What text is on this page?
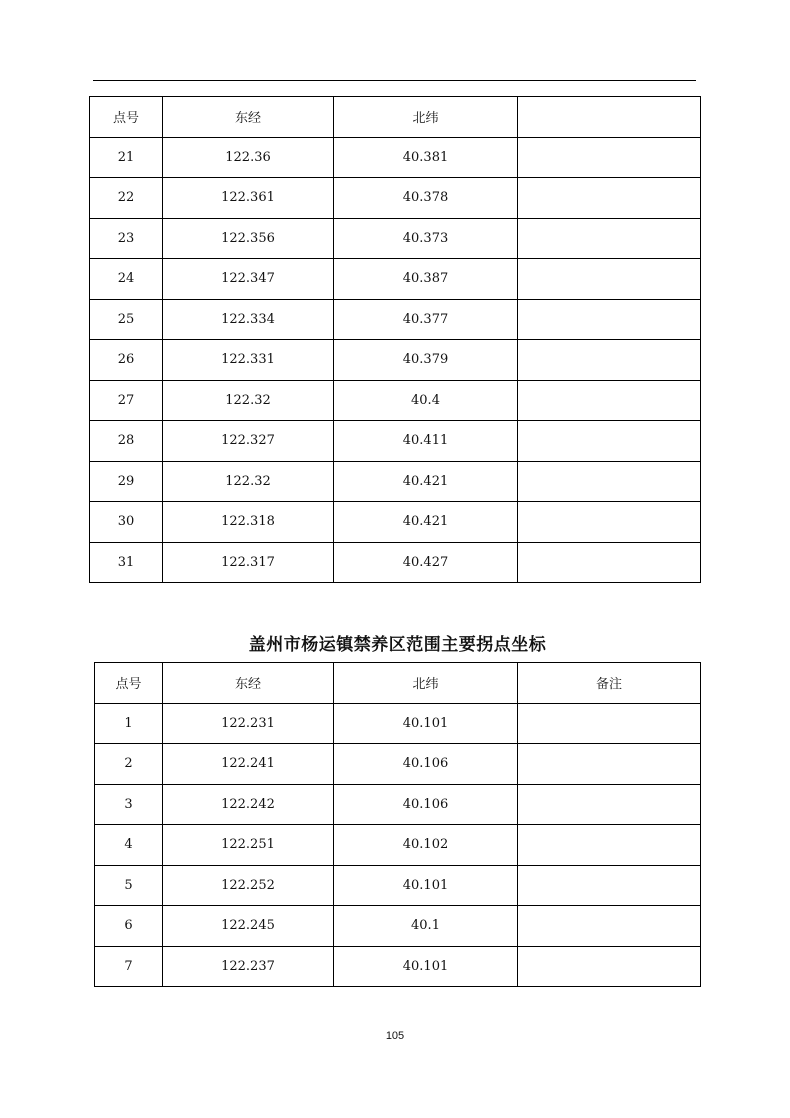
点号	东经	北纬	
21	122.36	40.381	
22	122.361	40.378	
23	122.356	40.373	
24	122.347	40.387	
25	122.334	40.377	
26	122.331	40.379	
27	122.32	40.4	
28	122.327	40.411	
29	122.32	40.421	
30	122.318	40.421	
31	122.317	40.427	
盖州市杨运镇禁养区范围主要拐点坐标
点号	东经	北纬	备注
1	122.231	40.101	
2	122.241	40.106	
3	122.242	40.106	
4	122.251	40.102	
5	122.252	40.101	
6	122.245	40.1	
7	122.237	40.101	
105
